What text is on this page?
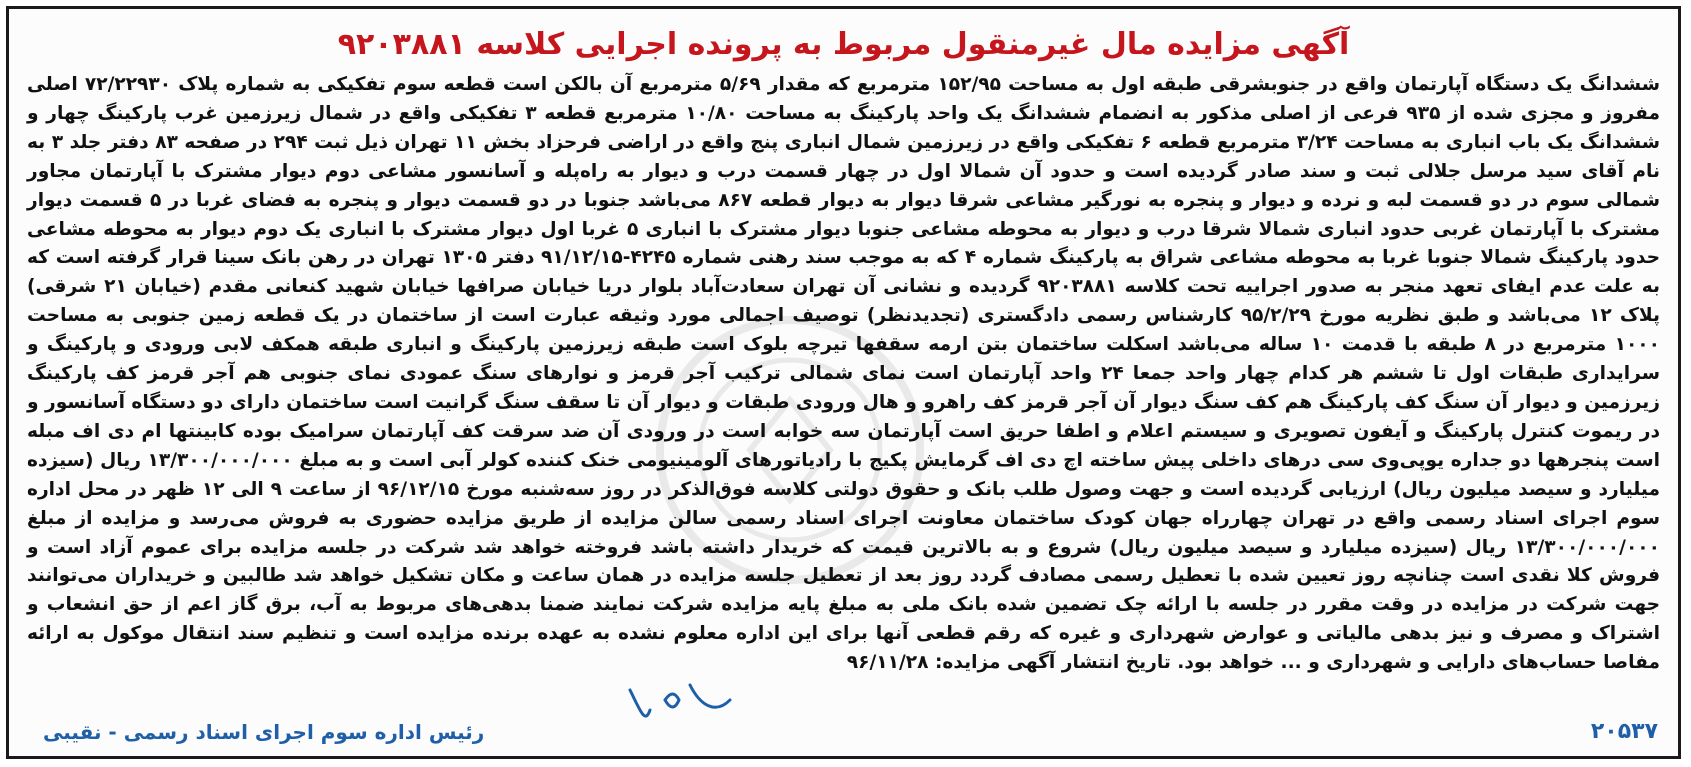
آگهی مزایده مال غیرمنقول مربوط به پرونده اجرایی کلاسه ۹۲۰۳۸۸۱
ششدانگ یک دستگاه آپارتمان واقع در جنوبشرقی طبقه اول به مساحت ۱۵۲/۹۵ مترمربع که مقدار ۵/۶۹ مترمربع آن بالکن است قطعه سوم تفکیکی به شماره پلاک ۷۲/۲۲۹۳۰ اصلی مفروز و مجزی شده از ۹۳۵ فرعی از اصلی مذکور به انضمام ششدانگ یک واحد پارکینگ به مساحت ۱۰/۸۰ مترمربع قطعه ۳ تفکیکی واقع در شمال زیرزمین غرب پارکینگ چهار و ششدانگ یک باب انباری به مساحت ۳/۲۴ مترمربع قطعه ۶ تفکیکی واقع در زیرزمین شمال انباری پنج واقع در اراضی فرحزاد بخش ۱۱ تهران ذیل ثبت ۲۹۴ در صفحه ۸۳ دفتر جلد ۳ به نام آقای سید مرسل جلالی ثبت و سند صادر گردیده است و حدود آن شمالا اول در چهار قسمت درب و دیوار به راه‌پله و آسانسور مشاعی دوم دیوار مشترک با آپارتمان مجاور شمالی سوم در دو قسمت لبه و نرده و دیوار و پنجره به نورگیر مشاعی شرقا دیوار به دیوار قطعه ۸۶۷ می‌باشد جنوبا در دو قسمت دیوار و پنجره به فضای غربا در ۵ قسمت دیوار مشترک با آپارتمان غربی حدود انباری شمالا شرقا درب و دیوار به محوطه مشاعی جنوبا دیوار مشترک با انباری ۵ غربا اول دیوار مشترک با انباری یک دوم دیوار به محوطه مشاعی حدود پارکینگ شمالا جنوبا غربا به محوطه مشاعی شراق به پارکینگ شماره ۴ که به موجب سند رهنی شماره ۴۲۴۵-۹۱/۱۲/۱۵ دفتر ۱۳۰۵ تهران در رهن بانک سینا قرار گرفته است که به علت عدم ایفای تعهد منجر به صدور اجراییه تحت کلاسه ۹۲۰۳۸۸۱ گردیده و نشانی آن تهران سعادت‌آباد بلوار دریا خیابان صرافها خیابان شهید کنعانی مقدم (خیابان ۲۱ شرقی) پلاک ۱۲ می‌باشد و طبق نظریه مورخ ۹۵/۲/۲۹ کارشناس رسمی دادگستری (تجدیدنظر) توصیف اجمالی مورد وثیقه عبارت است از ساختمان در یک قطعه زمین جنوبی به مساحت ۱۰۰۰ مترمربع در ۸ طبقه با قدمت ۱۰ ساله می‌باشد اسکلت ساختمان بتن ارمه سقفها تیرچه بلوک است طبقه زیرزمین پارکینگ و انباری طبقه همکف لابی ورودی و پارکینگ و سرایداری طبقات اول تا ششم هر کدام چهار واحد جمعا ۲۴ واحد آپارتمان است نمای شمالی ترکیب آجر قرمز و نوارهای سنگ عمودی نمای جنوبی هم آجر قرمز کف پارکینگ زیرزمین و دیوار آن سنگ کف پارکینگ هم کف سنگ دیوار آن آجر قرمز کف راهرو و هال ورودی طبقات و دیوار آن تا سقف سنگ گرانیت است ساختمان دارای دو دستگاه آسانسور و در ریموت کنترل پارکینگ و آیفون تصویری و سیستم اعلام و اطفا حریق است آپارتمان سه خوابه است در ورودی آن ضد سرقت کف آپارتمان سرامیک بوده کابینتها ام دی اف مبله است پنجرهها دو جداره یوپی‌وی سی درهای داخلی پیش ساخته اچ دی اف گرمایش پکیج با رادیاتورهای آلومینیومی خنک کننده کولر آبی است و به مبلغ ۱۳/۳۰۰/۰۰۰/۰۰۰ ریال (سیزده میلیارد و سیصد میلیون ریال) ارزیابی گردیده است و جهت وصول طلب بانک و حقوق دولتی کلاسه فوق‌الذکر در روز سه‌شنبه مورخ ۹۶/۱۲/۱۵ از ساعت ۹ الی ۱۲ ظهر در محل اداره سوم اجرای اسناد رسمی واقع در تهران چهارراه جهان کودک ساختمان معاونت اجرای اسناد رسمی سالن مزایده از طریق مزایده حضوری به فروش می‌رسد و مزایده از مبلغ ۱۳/۳۰۰/۰۰۰/۰۰۰ ریال (سیزده میلیارد و سیصد میلیون ریال) شروع و به بالاترین قیمت که خریدار داشته باشد فروخته خواهد شد شرکت در جلسه مزایده برای عموم آزاد است و فروش کلا نقدی است چنانچه روز تعیین شده با تعطیل رسمی مصادف گردد روز بعد از تعطیل جلسه مزایده در همان ساعت و مکان تشکیل خواهد شد طالبین و خریداران می‌توانند جهت شرکت در مزایده در وقت مقرر در جلسه با ارائه چک تضمین شده بانک ملی به مبلغ پایه مزایده شرکت نمایند ضمنا بدهی‌های مربوط به آب، برق گاز اعم از حق انشعاب و اشتراک و مصرف و نیز بدهی مالیاتی و عوارض شهرداری و غیره که رقم قطعی آنها برای این اداره معلوم نشده به عهده برنده مزایده است و تنظیم سند انتقال موکول به ارائه مفاصا حساب‌های دارایی و شهرداری و ... خواهد بود. تاریخ انتشار آگهی مزایده: ۹۶/۱۱/۲۸
۲۰۵۳۷
رئیس اداره سوم اجرای اسناد رسمی - نقیبی
